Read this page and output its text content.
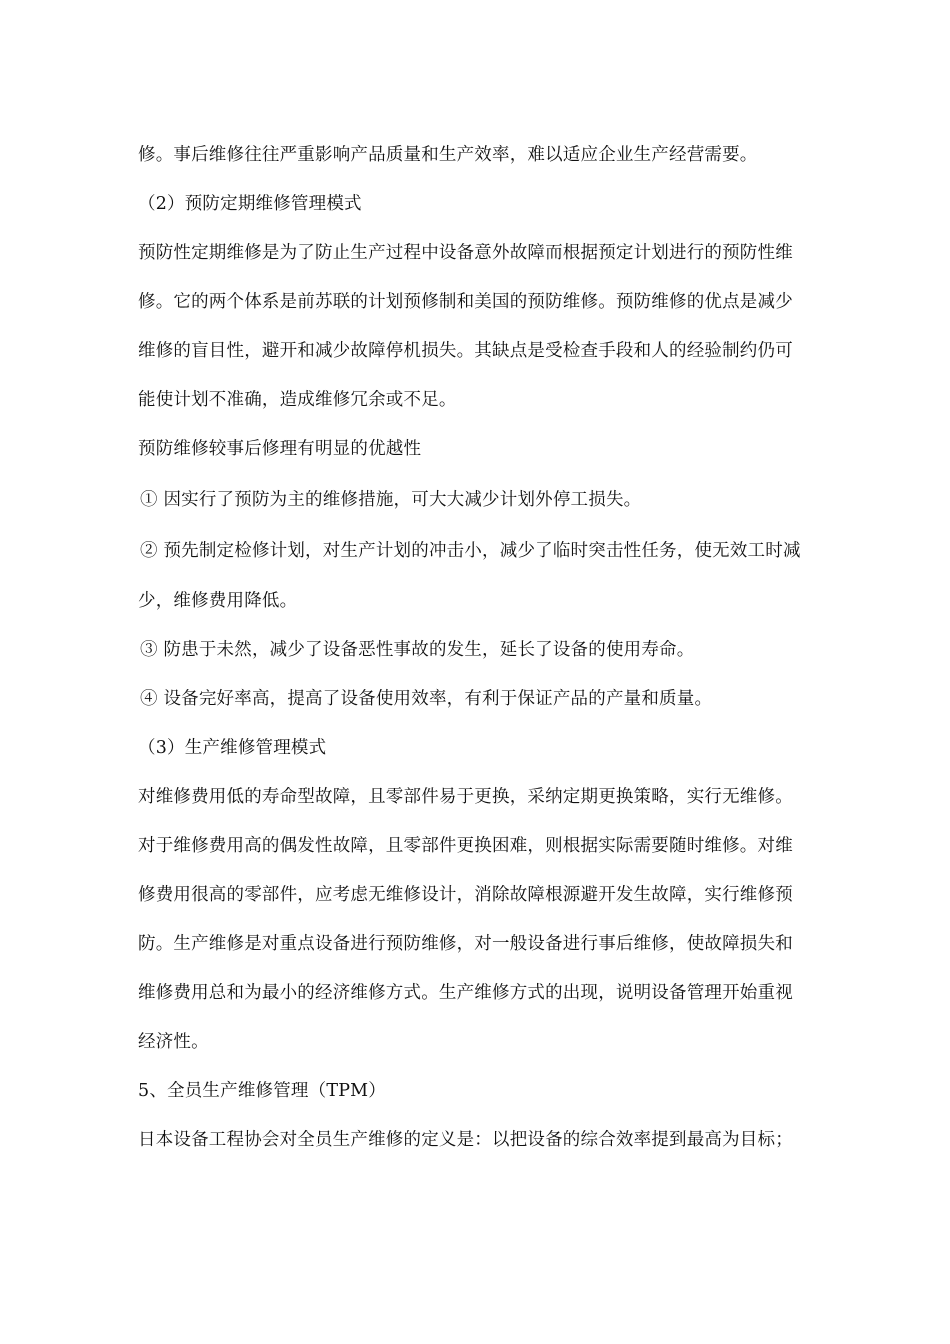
修。事后维修往往严重影响产品质量和生产效率，难以适应企业生产经营需要。
（2）预防定期维修管理模式
预防性定期维修是为了防止生产过程中设备意外故障而根据预定计划进行的预防性维
修。它的两个体系是前苏联的计划预修制和美国的预防维修。预防维修的优点是减少
维修的盲目性，避开和减少故障停机损失。其缺点是受检查手段和人的经验制约仍可
能使计划不准确，造成维修冗余或不足。
预防维修较事后修理有明显的优越性
① 因实行了预防为主的维修措施，可大大减少计划外停工损失。
② 预先制定检修计划，对生产计划的冲击小，减少了临时突击性任务，使无效工时减
少，维修费用降低。
③ 防患于未然，减少了设备恶性事故的发生，延长了设备的使用寿命。
④ 设备完好率高，提高了设备使用效率，有利于保证产品的产量和质量。
（3）生产维修管理模式
对维修费用低的寿命型故障，且零部件易于更换，采纳定期更换策略，实行无维修。
对于维修费用高的偶发性故障，且零部件更换困难，则根据实际需要随时维修。对维
修费用很高的零部件，应考虑无维修设计，消除故障根源避开发生故障，实行维修预
防。生产维修是对重点设备进行预防维修，对一般设备进行事后维修，使故障损失和
维修费用总和为最小的经济维修方式。生产维修方式的出现，说明设备管理开始重视
经济性。
5、全员生产维修管理（TPM）
日本设备工程协会对全员生产维修的定义是：以把设备的综合效率提到最高为目标；
